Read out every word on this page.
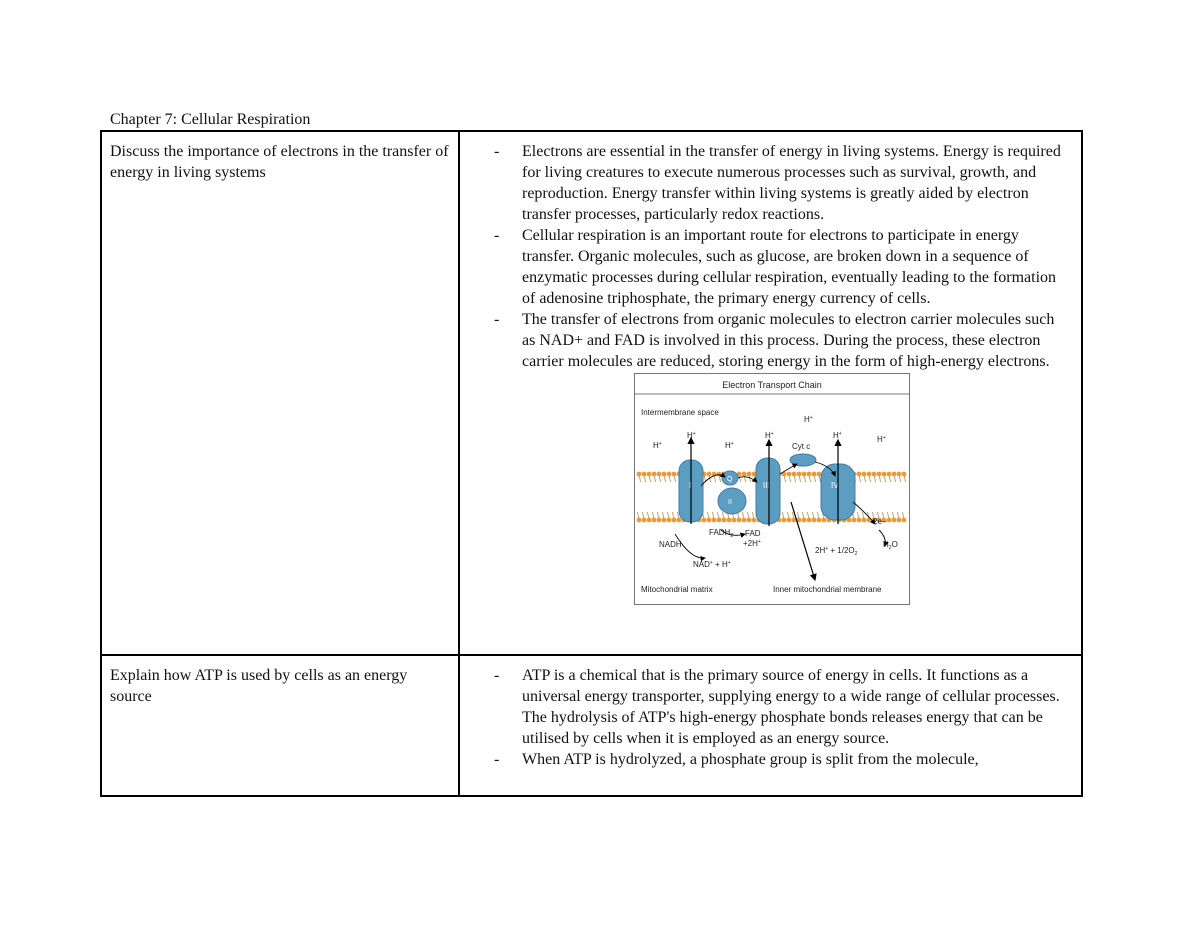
Chapter 7: Cellular Respiration
Discuss the importance of electrons in the transfer of energy in living systems
- Electrons are essential in the transfer of energy in living systems. Energy is required for living creatures to execute numerous processes such as survival, growth, and reproduction. Energy transfer within living systems is greatly aided by electron transfer processes, particularly redox reactions.
- Cellular respiration is an important route for electrons to participate in energy transfer. Organic molecules, such as glucose, are broken down in a sequence of enzymatic processes during cellular respiration, eventually leading to the formation of adenosine triphosphate, the primary energy currency of cells.
- The transfer of electrons from organic molecules to electron carrier molecules such as NAD+ and FAD is involved in this process. During the process, these electron carrier molecules are reduced, storing energy in the form of high-energy electrons.
Electron Transport Chain
Intermembrane space
I
Q
II
III	IV
H+
H+
H+
H+
H+
H+
H+
Cyt c
NADH
NAD+ + H+
$FADH_2$ FAD
+2H+
2e–
$2H^+ + 1/2O_2$
$H_2O$
Mitochondrial matrix	Inner mitochondrial membrane
Explain how ATP is used by cells as an energy source
- ATP is a chemical that is the primary source of energy in cells. It functions as a universal energy transporter, supplying energy to a wide range of cellular processes. The hydrolysis of ATP's high-energy phosphate bonds releases energy that can be utilised by cells when it is employed as an energy source.
- When ATP is hydrolyzed, a phosphate group is split from the molecule,
